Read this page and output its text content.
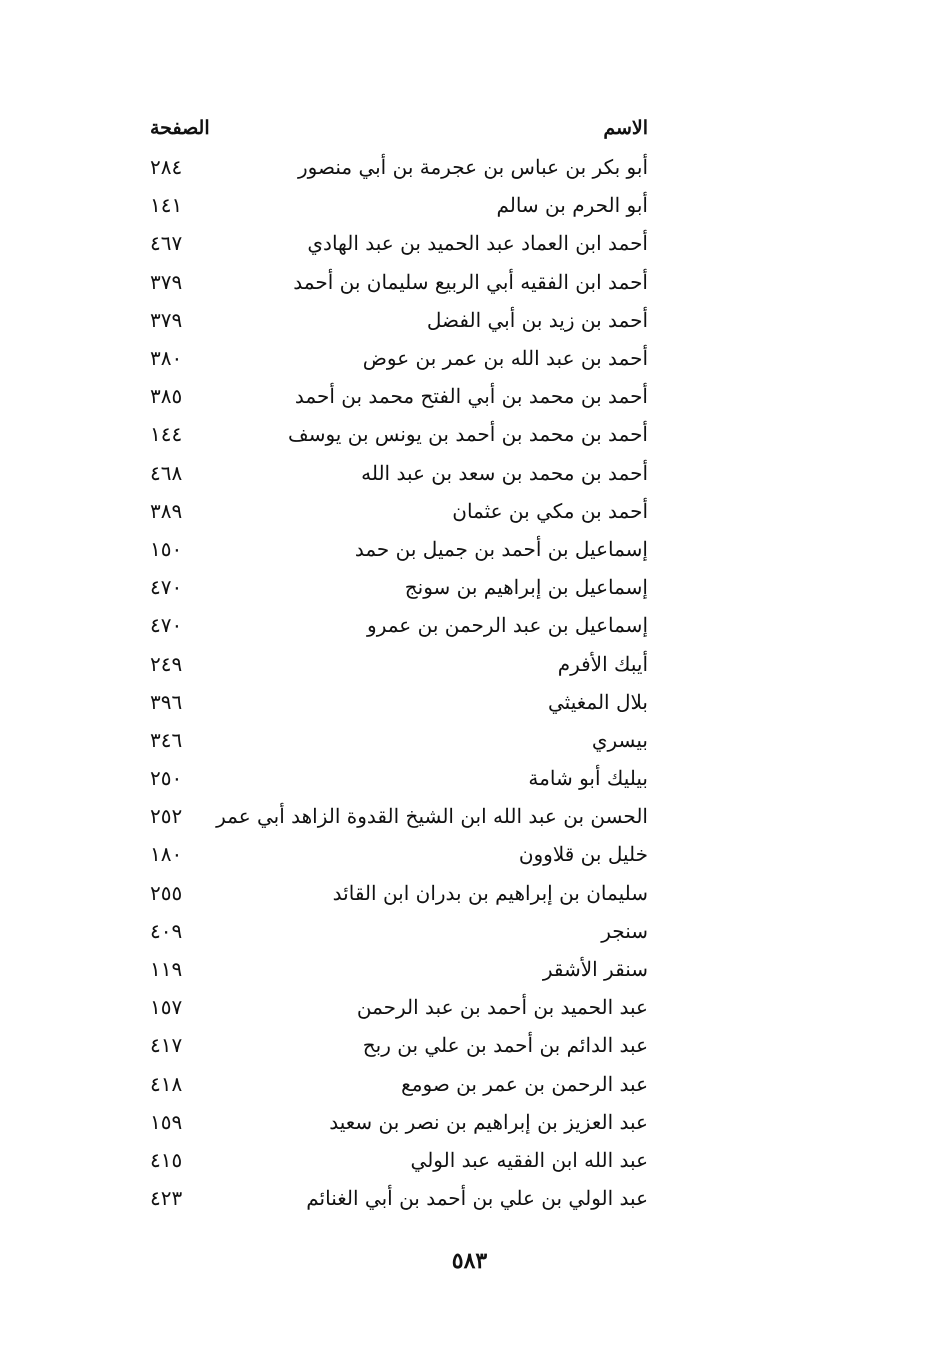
الاسم
الصفحة
أبو بكر بن عباس بن عجرمة بن أبي منصور
٢٨٤
أبو الحرم بن سالم
١٤١
أحمد ابن العماد عبد الحميد بن عبد الهادي
٤٦٧
أحمد ابن الفقيه أبي الربيع سليمان بن أحمد
٣٧٩
أحمد بن زيد بن أبي الفضل
٣٧٩
أحمد بن عبد الله بن عمر بن عوض
٣٨٠
أحمد بن محمد بن أبي الفتح محمد بن أحمد
٣٨٥
أحمد بن محمد بن أحمد بن يونس بن يوسف
١٤٤
أحمد بن محمد بن سعد بن عبد الله
٤٦٨
أحمد بن مكي بن عثمان
٣٨٩
إسماعيل بن أحمد بن جميل بن حمد
١٥٠
إسماعيل بن إبراهيم بن سونج
٤٧٠
إسماعيل بن عبد الرحمن بن عمرو
٤٧٠
أيبك الأفرم
٢٤٩
بلال المغيثي
٣٩٦
بيسري
٣٤٦
بيليك أبو شامة
٢٥٠
الحسن بن عبد الله ابن الشيخ القدوة الزاهد أبي عمر
٢٥٢
خليل بن قلاوون
١٨٠
سليمان بن إبراهيم بن بدران ابن القائد
٢٥٥
سنجر
٤٠٩
سنقر الأشقر
١١٩
عبد الحميد بن أحمد بن عبد الرحمن
١٥٧
عبد الدائم بن أحمد بن علي بن ربح
٤١٧
عبد الرحمن بن عمر بن صومع
٤١٨
عبد العزيز بن إبراهيم بن نصر بن سعيد
١٥٩
عبد الله ابن الفقيه عبد الولي
٤١٥
عبد الولي بن علي بن أحمد بن أبي الغنائم
٤٢٣
٥٨٣
